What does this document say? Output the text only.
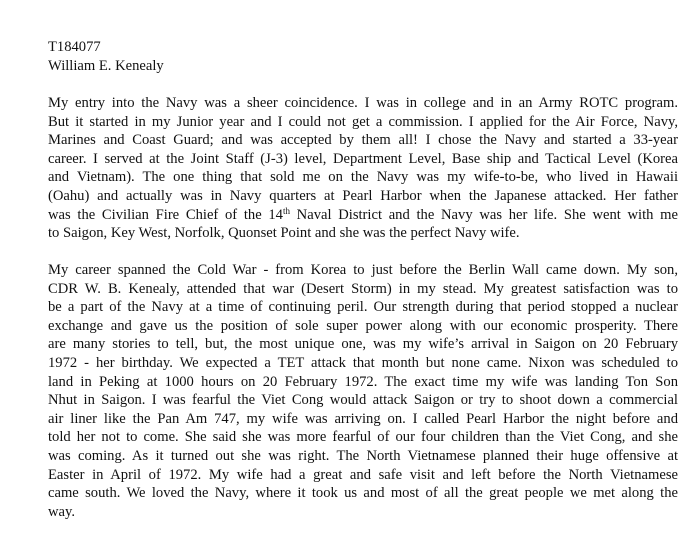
T184077

William E. Kenealy

My entry into the Navy was a sheer coincidence. I was in college and in an Army ROTC program.
But it started in my Junior year and I could not get a commission. I applied for the Air Force, Navy,
Marines and Coast Guard; and was accepted by them all! I chose the Navy and started a 33-year
career. I served at the Joint Staff (J-3) level, Department Level, Base ship and Tactical Level (Korea
and Vietnam). The one thing that sold me on the Navy was my wife-to-be, who lived in Hawaii
(Oahu) and actually was in Navy quarters at Pearl Harbor when the Japanese attacked. Her father
was the Civilian Fire Chief of the 14th Naval District and the Navy was her life. She went with me
to Saigon, Key West, Norfolk, Quonset Point and she was the perfect Navy wife.
My career spanned the Cold War - from Korea to just before the Berlin Wall came down. My son,
CDR W. B. Kenealy, attended that war (Desert Storm) in my stead. My greatest satisfaction was to
be a part of the Navy at a time of continuing peril. Our strength during that period stopped a nuclear
exchange and gave us the position of sole super power along with our economic prosperity. There
are many stories to tell, but, the most unique one, was my wife’s arrival in Saigon on 20 February
1972 - her birthday. We expected a TET attack that month but none came. Nixon was scheduled to
land in Peking at 1000 hours on 20 February 1972. The exact time my wife was landing Ton Son
Nhut in Saigon. I was fearful the Viet Cong would attack Saigon or try to shoot down a commercial
air liner like the Pan Am 747, my wife was arriving on. I called Pearl Harbor the night before and
told her not to come. She said she was more fearful of our four children than the Viet Cong, and she
was coming. As it turned out she was right. The North Vietnamese planned their huge offensive at
Easter in April of 1972. My wife had a great and safe visit and left before the North Vietnamese
came south. We loved the Navy, where it took us and most of all the great people we met along the
way.
